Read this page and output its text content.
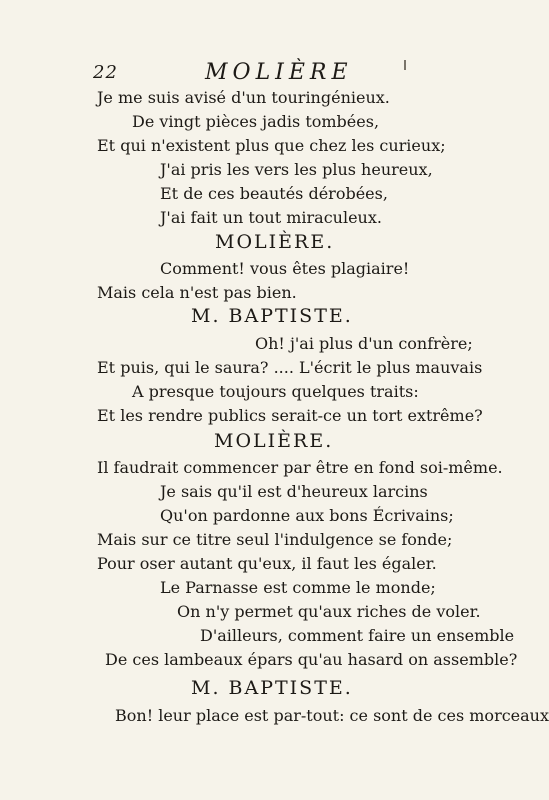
22	MOLIÈRE
Je me suis avisé d'un touringénieux.
De vingt pièces jadis tombées,
Et qui n'existent plus que chez les curieux;
J'ai pris les vers les plus heureux,
Et de ces beautés dérobées,
J'ai fait un tout miraculeux.
MOLIÈRE.
Comment! vous êtes plagiaire!
Mais cela n'est pas bien.
M. BAPTISTE.
Oh! j'ai plus d'un confrère;
Et puis, qui le saura? .... L'écrit le plus mauvais
A presque toujours quelques traits:
Et les rendre publics serait-ce un tort extrême?
MOLIÈRE.
Il faudrait commencer par être en fond soi-même.
Je sais qu'il est d'heureux larcins
Qu'on pardonne aux bons Écrivains;
Mais sur ce titre seul l'indulgence se fonde;
Pour oser autant qu'eux, il faut les égaler.
Le Parnasse est comme le monde;
On n'y permet qu'aux riches de voler.
D'ailleurs, comment faire un ensemble
De ces lambeaux épars qu'au hasard on assemble?
M. BAPTISTE.
Bon! leur place est par-tout: ce sont de ces morceaux
